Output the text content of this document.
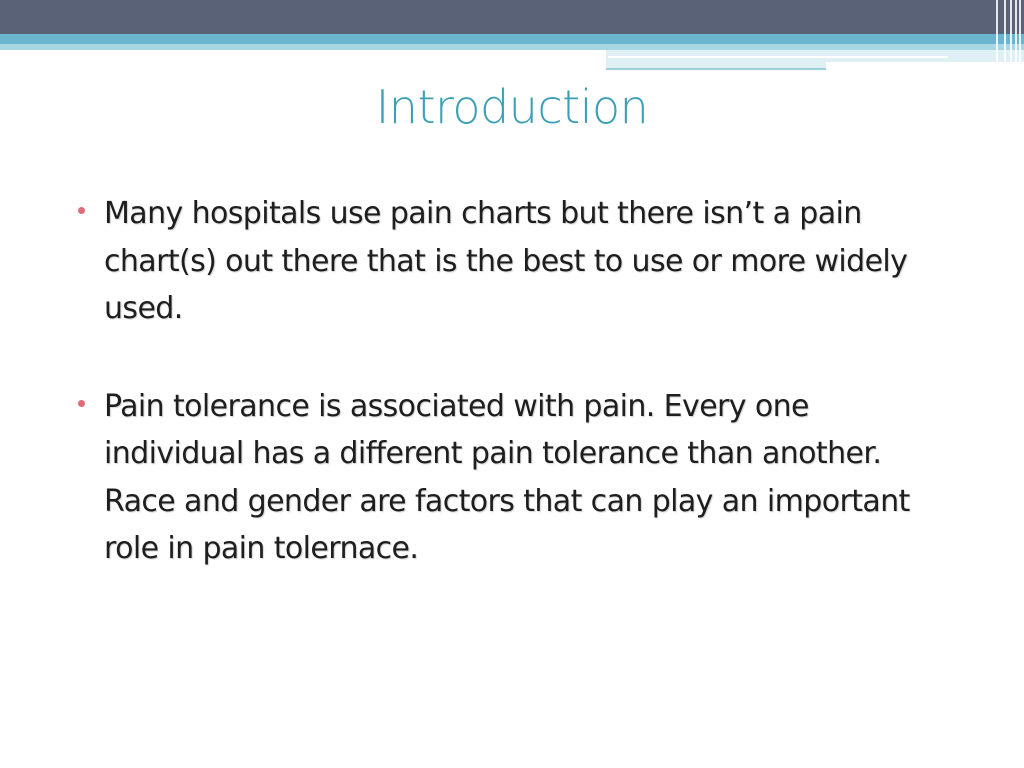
Introduction
Many hospitals use pain charts but there isn’t a pain chart(s) out there that is the best to use or more widely used.
Pain tolerance is associated with pain. Every one individual has a different pain tolerance than another. Race and gender are factors that can play an important role in pain tolernace.
